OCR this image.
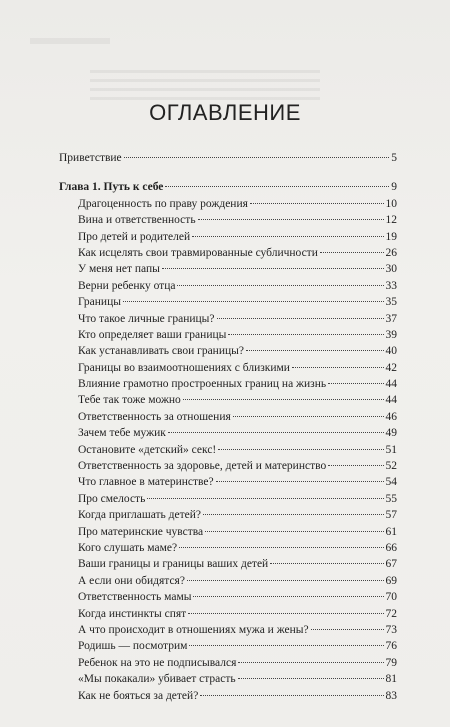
ОГЛАВЛЕНИЕ
Приветствие	5
Глава 1. Путь к себе	9
Драгоценность по праву рождения	10
Вина и ответственность	12
Про детей и родителей	19
Как исцелять свои травмированные субличности	26
У меня нет папы	30
Верни ребенку отца	33
Границы	35
Что такое личные границы?	37
Кто определяет ваши границы	39
Как устанавливать свои границы?	40
Границы во взаимоотношениях с близкими	42
Влияние грамотно простроенных границ на жизнь	44
Тебе так тоже можно	44
Ответственность за отношения	46
Зачем тебе мужик	49
Остановите «детский» секс!	51
Ответственность за здоровье, детей и материнство	52
Что главное в материнстве?	54
Про смелость	55
Когда приглашать детей?	57
Про материнские чувства	61
Кого слушать маме?	66
Ваши границы и границы ваших детей	67
А если они обидятся?	69
Ответственность мамы	70
Когда инстинкты спят	72
А что происходит в отношениях мужа и жены?	73
Родишь — посмотрим	76
Ребенок на это не подписывался	79
«Мы покакали» убивает страсть	81
Как не бояться за детей?	83
